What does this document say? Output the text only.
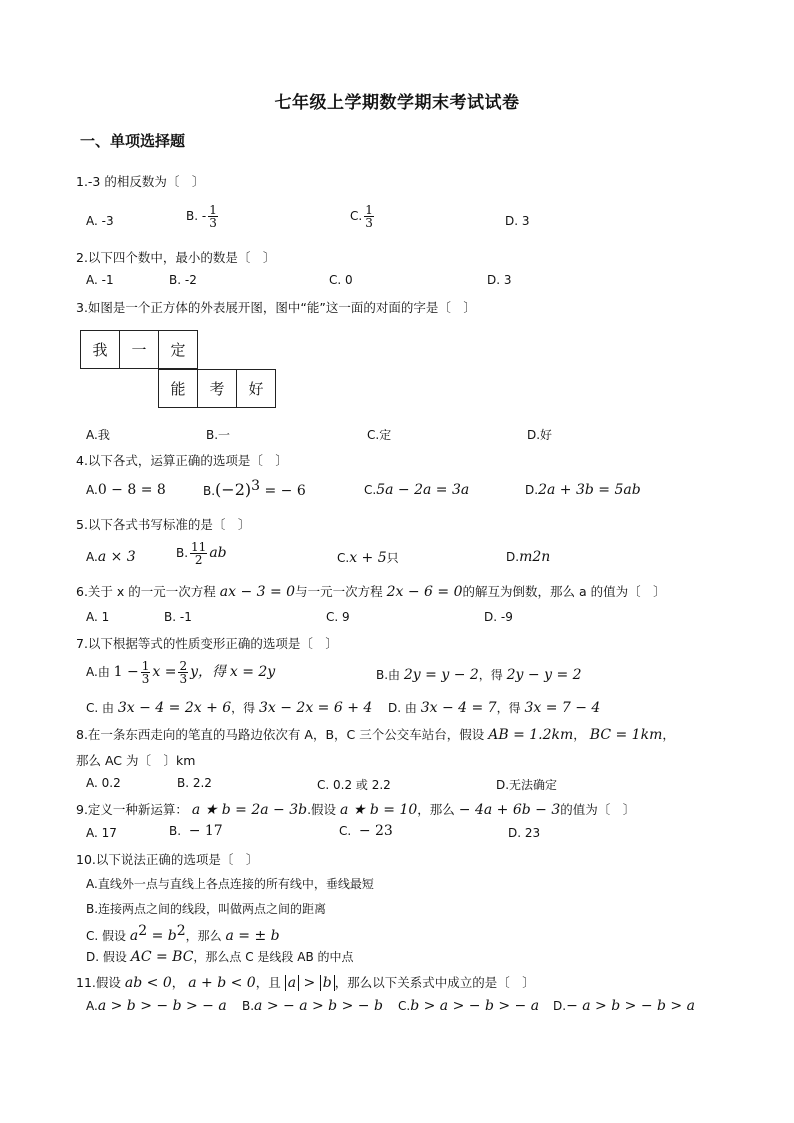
七年级上学期数学期末考试试卷
一、单项选择题
1.-3 的相反数为〔　〕
A. -3	B. - $\frac{1}{3}$	C. $\frac{1}{3}$	D. 3
2.以下四个数中，最小的数是〔　〕
A. -1	B. -2	C. 0	D. 3
3.如图是一个正方体的外表展开图，图中“能”这一面的对面的字是〔　〕
我	一	定
能	考	好
A.我	B.一	C.定	D.好
4.以下各式，运算正确的选项是〔　〕
A.0 − 8 = 8	$B.(-2)^3$ = − 6	C.5a − 2a = 3a	D.2a + 3b = 5ab
5.以下各式书写标准的是〔　〕
A.a × 3	B. $\frac{11}{2}$ ab	C.x + 5只	D.m2n
6.关于 x 的一元一次方程 ax − 3 = 0与一元一次方程 2x − 6 = 0的解互为倒数，那么 a 的值为〔　〕
A. 1	B. -1	C. 9	D. -9
7.以下根据等式的性质变形正确的选项是〔　〕
A.由 $1 - \frac{1}{3}$ $x = \frac{2}{3}$ y，得 x = 2y	B.由 2y = y − 2，得 2y − y = 2
C. 由 3x − 4 = 2x + 6，得 3x − 2x = 6 + 4 D. 由 3x − 4 = 7，得 3x = 7 − 4
8.在一条东西走向的笔直的马路边依次有 A，B，C 三个公交车站台，假设 AB = 1.2km， BC = 1km，
那么 AC 为〔　〕km
A. 0.2	B. 2.2	C. 0.2 或 2.2	D.无法确定
9.定义一种新运算： a ★ b = 2a − 3b.假设 a ★ b = 10，那么 − 4a + 6b − 3的值为〔　〕
A. 17	B. − 17	C. − 23	D. 23
10.以下说法正确的选项是〔　〕
A.直线外一点与直线上各点连接的所有线中，垂线最短
B.连接两点之间的线段，叫做两点之间的距离
C. 假设 $a^2 = b^2$，那么 a = ± b
D. 假设 AC = BC，那么点 C 是线段 AB 的中点
11.假设 ab < 0， a + b < 0，且 a > b ，那么以下关系式中成立的是〔　〕
A.a > b > − b > − a B.a > − a > b > − b C.b > a > − b > − a D.− a > b > − b > a
